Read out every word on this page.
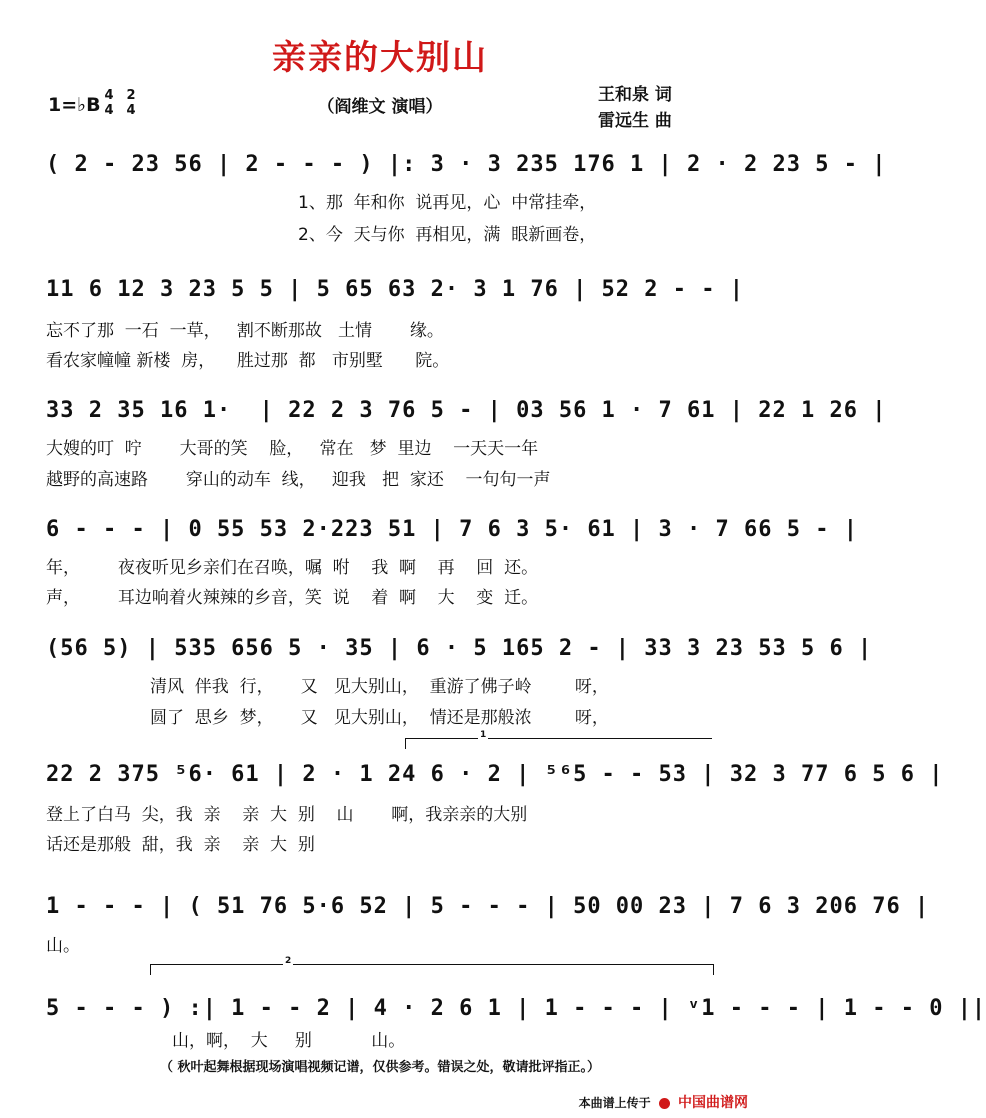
亲亲的大别山
（阎维文 演唱）
王和泉 词
雷远生 曲
1=♭B 4
4
2
4
( 2 - 23 56 | 2 - - - ) |: 3 · 3 235 176 1 | 2 · 2 23 5 - |
1、那  年和你  说再见，心  中常挂牵，
2、今  天与你  再相见，满  眼新画卷，
11 6 12 3 23 5 5 | 5 65 63 2· 3 1 76 | 52 2 - - |
忘不了那  一石  一草，   割不断那故   土情       缘。
看农家幢幢 新楼  房，    胜过那  都   市别墅      院。
33 2 35 16 1·  | 22 2 3 76 5 - | 03 56 1 · 7 61 | 22 1 26 |
大嫂的叮  咛       大哥的笑    脸，   常在   梦  里边    一天天一年
越野的高速路       穿山的动车  线，   迎我   把  家还    一句句一声
6 - - - | 0 55 53 2·223 51 | 7 6 3 5· 61 | 3 · 7 66 5 - |
年，       夜夜听见乡亲们在召唤，嘱  咐    我  啊    再    回  还。
声，       耳边响着火辣辣的乡音，笑  说    着  啊    大    变  迁。
(56 5) | 535 656 5 · 35 | 6 · 5 165 2 - | 33 3 23 53 5 6 |
清风  伴我  行，     又   见大别山，  重游了佛子岭        呀，
圆了  思乡  梦，     又   见大别山，  情还是那般浓        呀，
1
22 2 375 ⁵6· 61 | 2 · 1 24 6 · 2 | ⁵⁶5 - - 53 | 32 3 77 6 5 6 |
登上了白马  尖，我  亲    亲  大  别    山       啊，我亲亲的大别
话还是那般  甜，我  亲    亲  大  别
1 - - - | ( 51 76 5·6 52 | 5 - - - | 50 00 23 | 7 6 3 206 76 |
山。
2
5 - - - ) :| 1 - - 2 | 4 · 2 6 1 | 1 - - - | ᵛ1 - - - | 1 - - 0 ||
山，啊，  大     别           山。
（ 秋叶起舞根据现场演唱视频记谱，仅供参考。错误之处，敬请批评指正。）
本曲谱上传于 中国曲谱网
